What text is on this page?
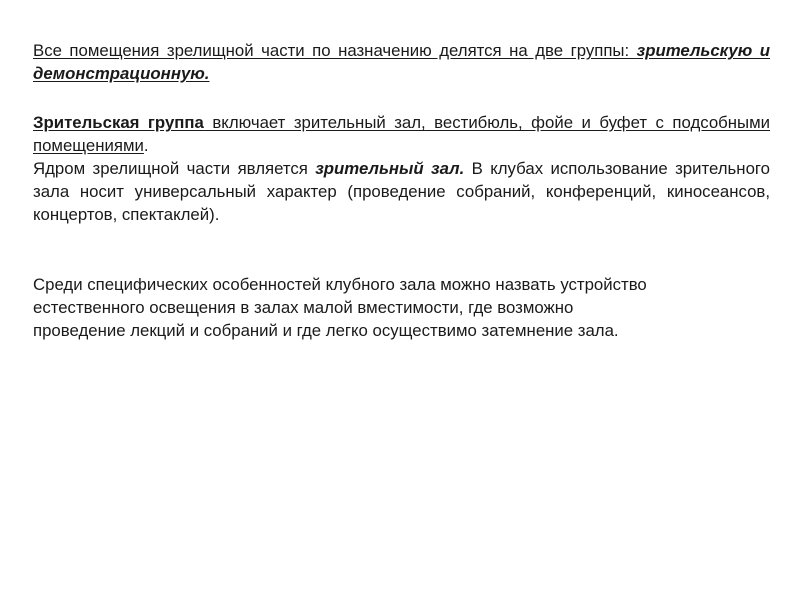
Все помещения зрелищной части по назначению делятся на две группы: зрительскую и демонстрационную.

Зрительская группа включает зрительный зал, вестибюль, фойе и буфет с подсобными помещениями.
Ядром зрелищной части является зрительный зал. В клубах использование зрительного зала носит универсальный характер (проведение собраний, конференций, киносеансов, концертов, спектаклей).

Среди специфических особенностей клубного зала можно назвать устройство
естественного освещения в залах малой вместимости, где возможно
проведение лекций и собраний и где легко осуществимо затемнение зала.
